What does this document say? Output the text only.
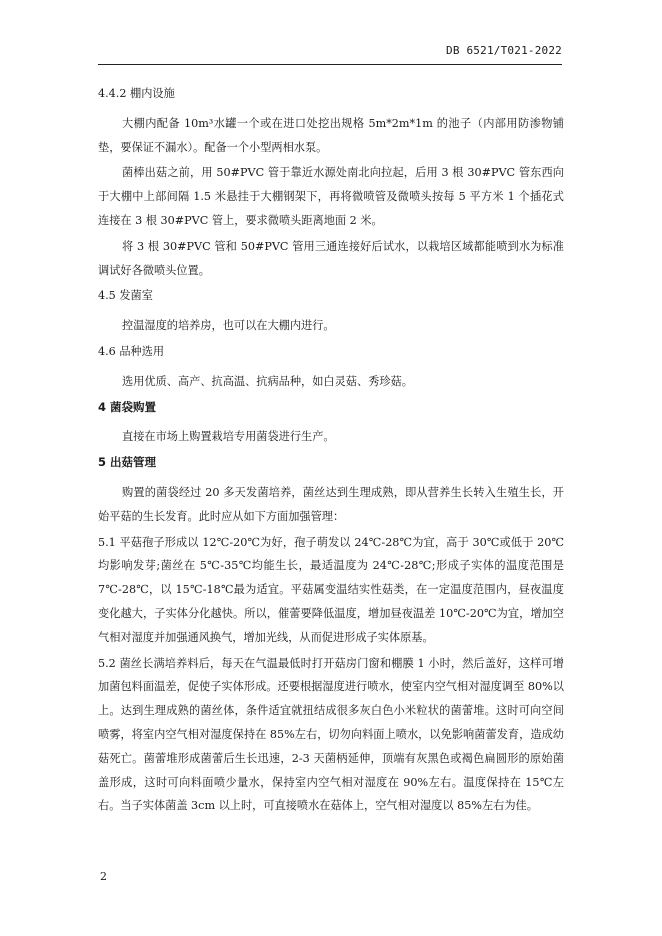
DB 6521/T021-2022

4.4.2 棚内设施

大棚内配备 10m³水罐一个或在进口处挖出规格 5m*2m*1m 的池子（内部用防渗物铺垫，要保证不漏水）。配备一个小型两相水泵。

菌棒出菇之前，用 50#PVC 管于靠近水源处南北向拉起，后用 3 根 30#PVC 管东西向于大棚中上部间隔 1.5 米悬挂于大棚钢架下，再将微喷管及微喷头按每 5 平方米 1 个插花式连接在 3 根 30#PVC 管上，要求微喷头距离地面 2 米。

将 3 根 30#PVC 管和 50#PVC 管用三通连接好后试水，以栽培区域都能喷到水为标准调试好各微喷头位置。

4.5 发菌室

控温湿度的培养房，也可以在大棚内进行。

4.6 品种选用

选用优质、高产、抗高温、抗病品种，如白灵菇、秀珍菇。

4 菌袋购置

直接在市场上购置栽培专用菌袋进行生产。

5 出菇管理

购置的菌袋经过 20 多天发菌培养，菌丝达到生理成熟，即从营养生长转入生殖生长，开始平菇的生长发育。此时应从如下方面加强管理：

5.1 平菇孢子形成以 12℃-20℃为好，孢子萌发以 24℃-28℃为宜，高于 30℃或低于 20℃均影响发芽;菌丝在 5℃-35℃均能生长，最适温度为 24℃-28℃;形成子实体的温度范围是 7℃-28℃，以 15℃-18℃最为适宜。平菇属变温结实性菇类，在一定温度范围内，昼夜温度变化越大，子实体分化越快。所以，催蕾要降低温度，增加昼夜温差 10℃-20℃为宜，增加空气相对湿度并加强通风换气，增加光线，从而促进形成子实体原基。

5.2 菌丝长满培养料后，每天在气温最低时打开菇房门窗和棚膜 1 小时，然后盖好，这样可增加菌包料面温差，促使子实体形成。还要根据湿度进行喷水，使室内空气相对湿度调至 80%以上。达到生理成熟的菌丝体，条件适宜就扭结成很多灰白色小米粒状的菌蕾堆。这时可向空间喷雾，将室内空气相对湿度保持在 85%左右，切勿向料面上喷水，以免影响菌蕾发育，造成幼菇死亡。菌蕾堆形成菌蕾后生长迅速，2-3 天菌柄延伸，顶端有灰黑色或褐色扁圆形的原始菌盖形成，这时可向料面喷少量水，保持室内空气相对湿度在 90%左右。温度保持在 15℃左右。当子实体菌盖 3cm 以上时，可直接喷水在菇体上，空气相对湿度以 85%左右为佳。

2
